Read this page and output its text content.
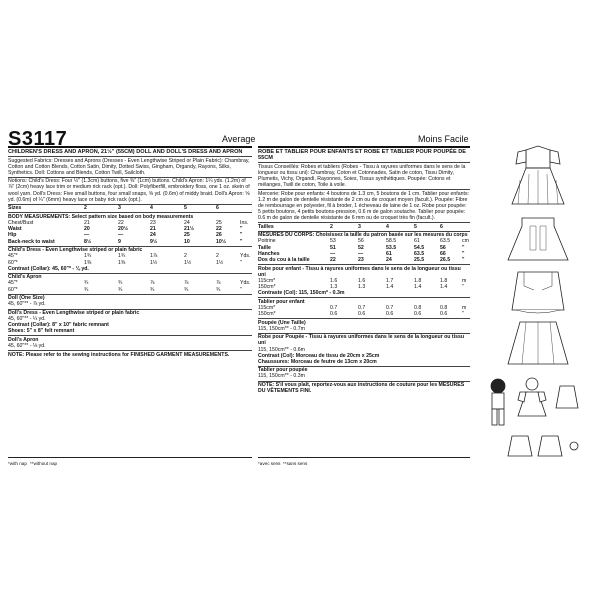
S3117	Average	Moins Facile
CHILDREN'S DRESS AND APRON, 21½" (55CM) DOLL AND DOLL'S DRESS AND APRON

Suggested Fabrics: Dresses and Aprons (Dresses - Even Lengthwise Striped or Plain Fabric): Chambray, Cotton and Cotton Blends, Cotton Satin, Dimity, Dotted Swiss, Gingham, Organdy, Rayons, Silks, Synthetics. Doll: Cottons and Blends, Cotton Twill, Sailcloth.

Notions: Child's Dress: Four ½" (1.3cm) buttons, five ⅜" (1cm) buttons. Child's Apron: 1¼ yds. (1.2m) of ⅞" (2cm) heavy lace trim or medium rick rack (opt.). Doll: Polyfiberfill, embroidery floss, one 1 oz. skein of wool yarn. Doll's Dress: Five small buttons, four small snaps, ⅝ yd. (0.6m) of middy braid. Doll's Apron: ⅝ yd. (0.6m) of ¼" (6mm) heavy lace or baby rick rack (opt.).

Sizes	2	3	4	5	6
BODY MEASUREMENTS: Select pattern size based on body measurements
Chest/Bust	21	22	23	24	25	Ins.
Waist	20	20½	21	21½	22	"
Hip	—	—	24	25	26	"
Back-neck to waist	8½	9	9½	10	10½	"
Child's Dress - Even Lengthwise striped or plain fabric
45"*	1¾	1¾	1⅞	2	2	Yds.
60"*	1⅜	1⅜	1½	1½	1½	"
Contrast (Collar): 45, 60"* - ⅛ yd.
Child's Apron
45"*	¾	¾	⅞	⅞	⅞	Yds.
60"*	¾	¾	¾	¾	¾	"
Doll (One Size)
45, 60"** - ⅞ yd.
Doll's Dress - Even Lengthwise striped or plain fabric
45, 60"** - ¼ yd.
Contrast (Collar): 8" x 10" fabric remnant
Shoes: 5" x 8" felt remnant
Doll's Apron
45, 60"** - ⅛ yd.
NOTE: Please refer to the sewing instructions for FINISHED GARMENT MEASUREMENTS.
*with nap **without nap
ROBE ET TABLIER POUR ENFANTS ET ROBE ET TABLIER POUR POUPÉE DE 55CM

Tissus Conseillés: Robes et tabliers (Robes - Tissu à rayures uniformes dans le sens de la longueur ou tissu uni): Chambray, Coton et Cotonnades, Satin de coton, Tissu Dimity, Plumetis, Vichy, Organdi, Rayonnes, Soies, Tissus synthétiques. Poupée: Cotons et mélanges, Twill de coton, Toile à voile.

Mercerie: Robe pour enfants: 4 boutons de 1.3 cm, 5 boutons de 1 cm. Tablier pour enfants: 1.2 m de galon de dentelle résistante de 2 cm ou de croquet moyen (facult.). Poupée: Fibre de rembourrage en polyester, fil à broder, 1 écheveau de laine de 1 oz. Robe pour poupée: 5 petits boutons, 4 petits boutons-pression, 0.6 m de galon soutache. Tablier pour poupée: 0.6 m de galon de dentelle résistante de 6 mm ou de croquet très fin (facult.).

Tailles	2	3	4	5	6
MESURES DU CORPS: Choisissez la taille du patron basée sur les mesures du corps
Poitrine	53	56	58.5	61	63.5 cm
Taille	51	52	53.5	54.5	56	"
Hanches	—	—	61	63.5	66	"
Dos du cou à la taille	22	23	24	25.5	26.5 "
Robe pour enfant - Tissu à rayures uniformes dans le sens de la longueur ou tissu uni
115cm*	1.6	1.6	1.7	1.8	1.8	m
150cm*	1.3	1.3	1.4	1.4	1.4	"
Contraste (Col): 115, 150cm* - 0.3m
Tablier pour enfant
115cm*	0.7	0.7	0.7	0.8	0.8	m
150cm*	0.6	0.6	0.6	0.6	0.6	"
Poupée (Une Taille)
115, 150cm** - 0.7m
Robe pour Poupée - Tissu à rayures uniformes dans le sens de la longueur ou tissu uni
115, 150cm** - 0.6m
Contrast (Col): Morceau de tissu de 20cm x 25cm
Chaussures: Morceau de feutre de 13cm x 20cm
Tablier pour poupée
115, 150cm** - 0.3m
NOTE: S'il vous plaît, reportez-vous aux instructions de couture pour les MESURES DU VÊTEMENTS FINI.
*avec sens **sans sens
